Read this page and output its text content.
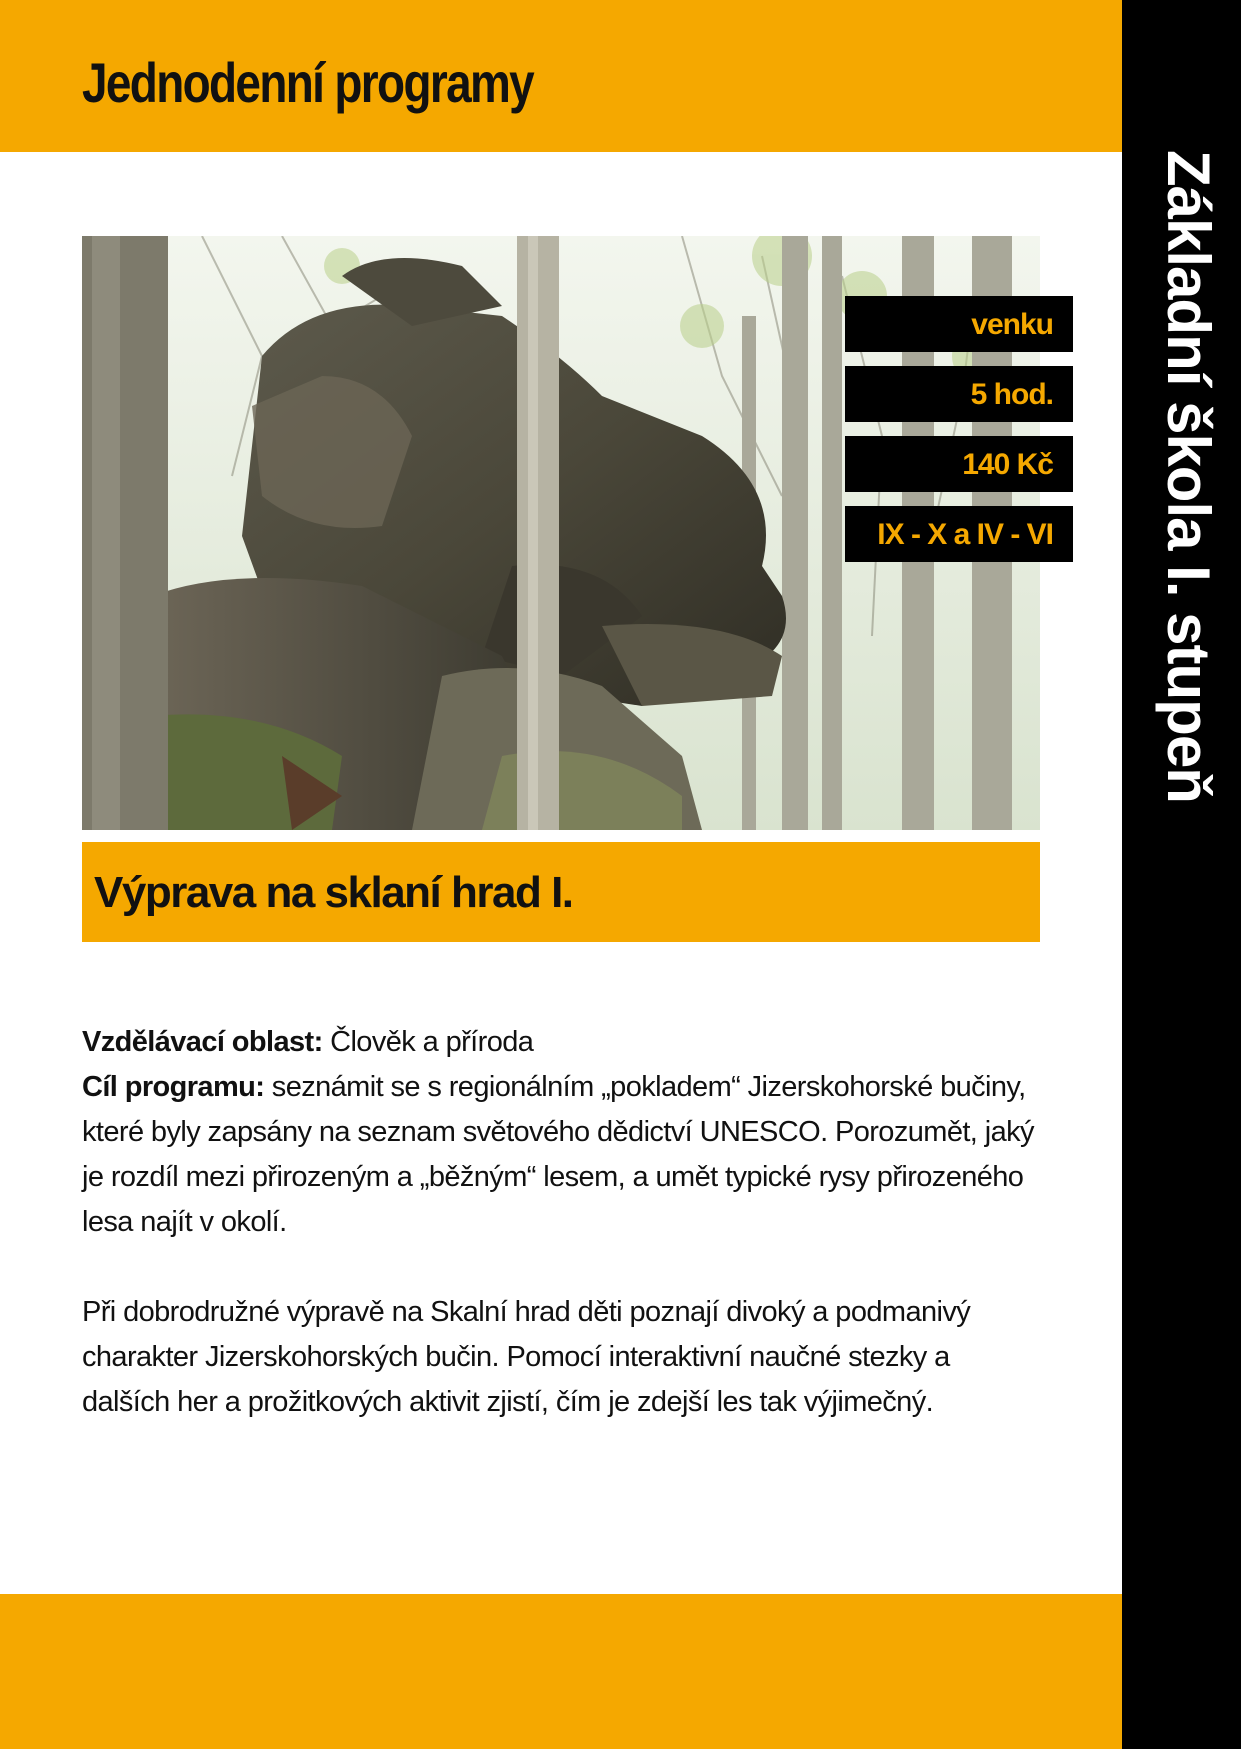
Jednodenní programy
Základní škola I. stupeň
venku
5 hod.
140 Kč
IX - X a IV - VI
Výprava na sklaní hrad I.

Vzdělávací oblast: Člověk a příroda

Cíl programu: seznámit se s regionálním „pokladem“ Jizerskohorské bučiny, které byly zapsány na seznam světového dědictví UNESCO. Porozumět, jaký je rozdíl mezi přirozeným a „běžným“ lesem, a umět typické rysy přirozeného lesa najít v okolí.

Při dobrodružné výpravě na Skalní hrad děti poznají divoký a podmanivý charakter Jizerskohorských bučin. Pomocí interaktivní naučné stezky a dalších her a prožitkových aktivit zjistí, čím je zdejší les tak výjimečný.
